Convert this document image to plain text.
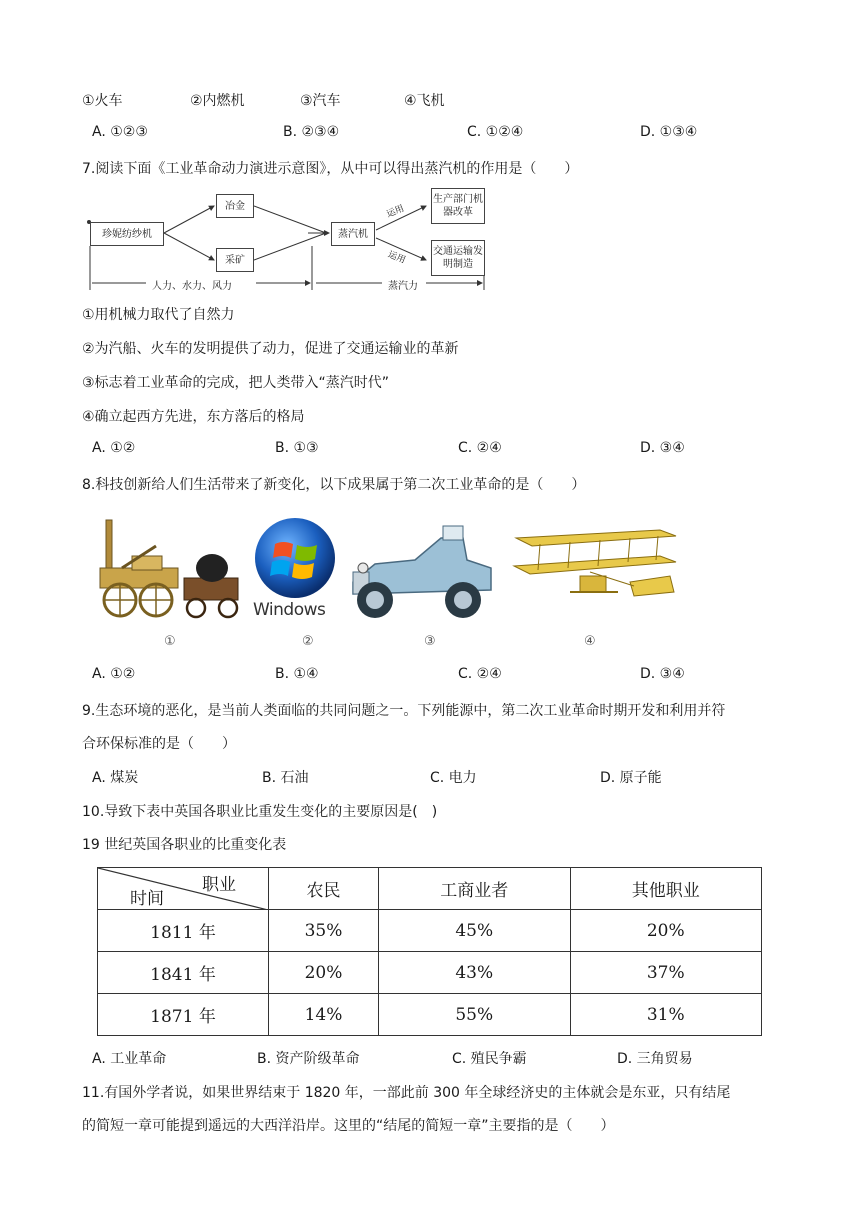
①火车	②内燃机	③汽车	④飞机
A. ①②③	B. ②③④	C. ①②④	D. ①③④
7.阅读下面《工业革命动力演进示意图》，从中可以得出蒸汽机的作用是（　　）
珍妮纺纱机
冶金
采矿
蒸汽机
运用
运用
生产部门机器改革
交通运输发明制造
人力、水力、风力	蒸汽力
①用机械力取代了自然力
②为汽船、火车的发明提供了动力，促进了交通运输业的革新
③标志着工业革命的完成，把人类带入“蒸汽时代”
④确立起西方先进，东方落后的格局
A. ①②	B. ①③	C. ②④	D. ③④
8.科技创新给人们生活带来了新变化，以下成果属于第二次工业革命的是（　　）
Windows
①	②	③	④
A. ①②	B. ①④	C. ②④	D. ③④
9.生态环境的恶化，是当前人类面临的共同问题之一。下列能源中，第二次工业革命时期开发和利用并符
合环保标准的是（　　）
A. 煤炭	B. 石油	C. 电力	D. 原子能
10.导致下表中英国各职业比重发生变化的主要原因是(　)
19 世纪英国各职业的比重变化表
职业
时间	农民	工商业者	其他职业
1811 年	35%	45%	20%
1841 年	20%	43%	37%
1871 年	14%	55%	31%
A. 工业革命	B. 资产阶级革命	C. 殖民争霸	D. 三角贸易
11.有国外学者说，如果世界结束于 1820 年，一部此前 300 年全球经济史的主体就会是东亚，只有结尾
的简短一章可能提到遥远的大西洋沿岸。这里的“结尾的简短一章”主要指的是（　　）
